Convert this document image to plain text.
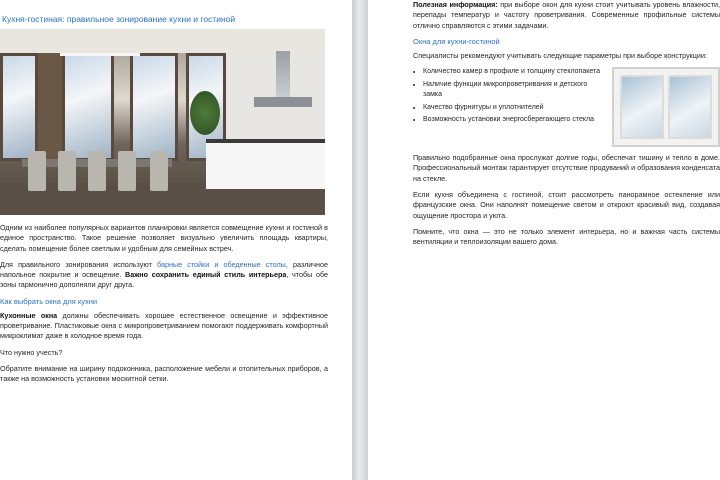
Кухня-гостиная: правильное зонирование кухни и гостиной

Одним из наиболее популярных вариантов планировки является совмещение кухни и гостиной в единое пространство. Такое решение позволяет визуально увеличить площадь квартиры, сделать помещение более светлым и удобным для семейных встреч.

Для правильного зонирования используют барные стойки и обеденные столы, различное напольное покрытие и освещение. Важно сохранить единый стиль интерьера, чтобы обе зоны гармонично дополняли друг друга.

Как выбрать окна для кухни

Кухонные окна должны обеспечивать хорошее естественное освещение и эффективное проветривание. Пластиковые окна с микропроветриванием помогают поддерживать комфортный микроклимат даже в холодное время года.

Что нужно учесть?

Обратите внимание на ширину подоконника, расположение мебели и отопительных приборов, а также на возможность установки москитной сетки.

Полезная информация: при выборе окон для кухни стоит учитывать уровень влажности, перепады температур и частоту проветривания. Современные профильные системы отлично справляются с этими задачами.

Окна для кухни-гостиной

Специалисты рекомендуют учитывать следующие параметры при выборе конструкции:

• Количество камер в профиле и толщину стеклопакета
• Наличие функции микропроветривания и детского замка
• Качество фурнитуры и уплотнителей
• Возможность установки энергосберегающего стекла

Правильно подобранные окна прослужат долгие годы, обеспечат тишину и тепло в доме. Профессиональный монтаж гарантирует отсутствие продуваний и образования конденсата на стекле.

Если кухня объединена с гостиной, стоит рассмотреть панорамное остекление или французские окна. Они наполнят помещение светом и откроют красивый вид, создавая ощущение простора и уюта.

Помните, что окна — это не только элемент интерьера, но и важная часть системы вентиляции и теплоизоляции вашего дома.
